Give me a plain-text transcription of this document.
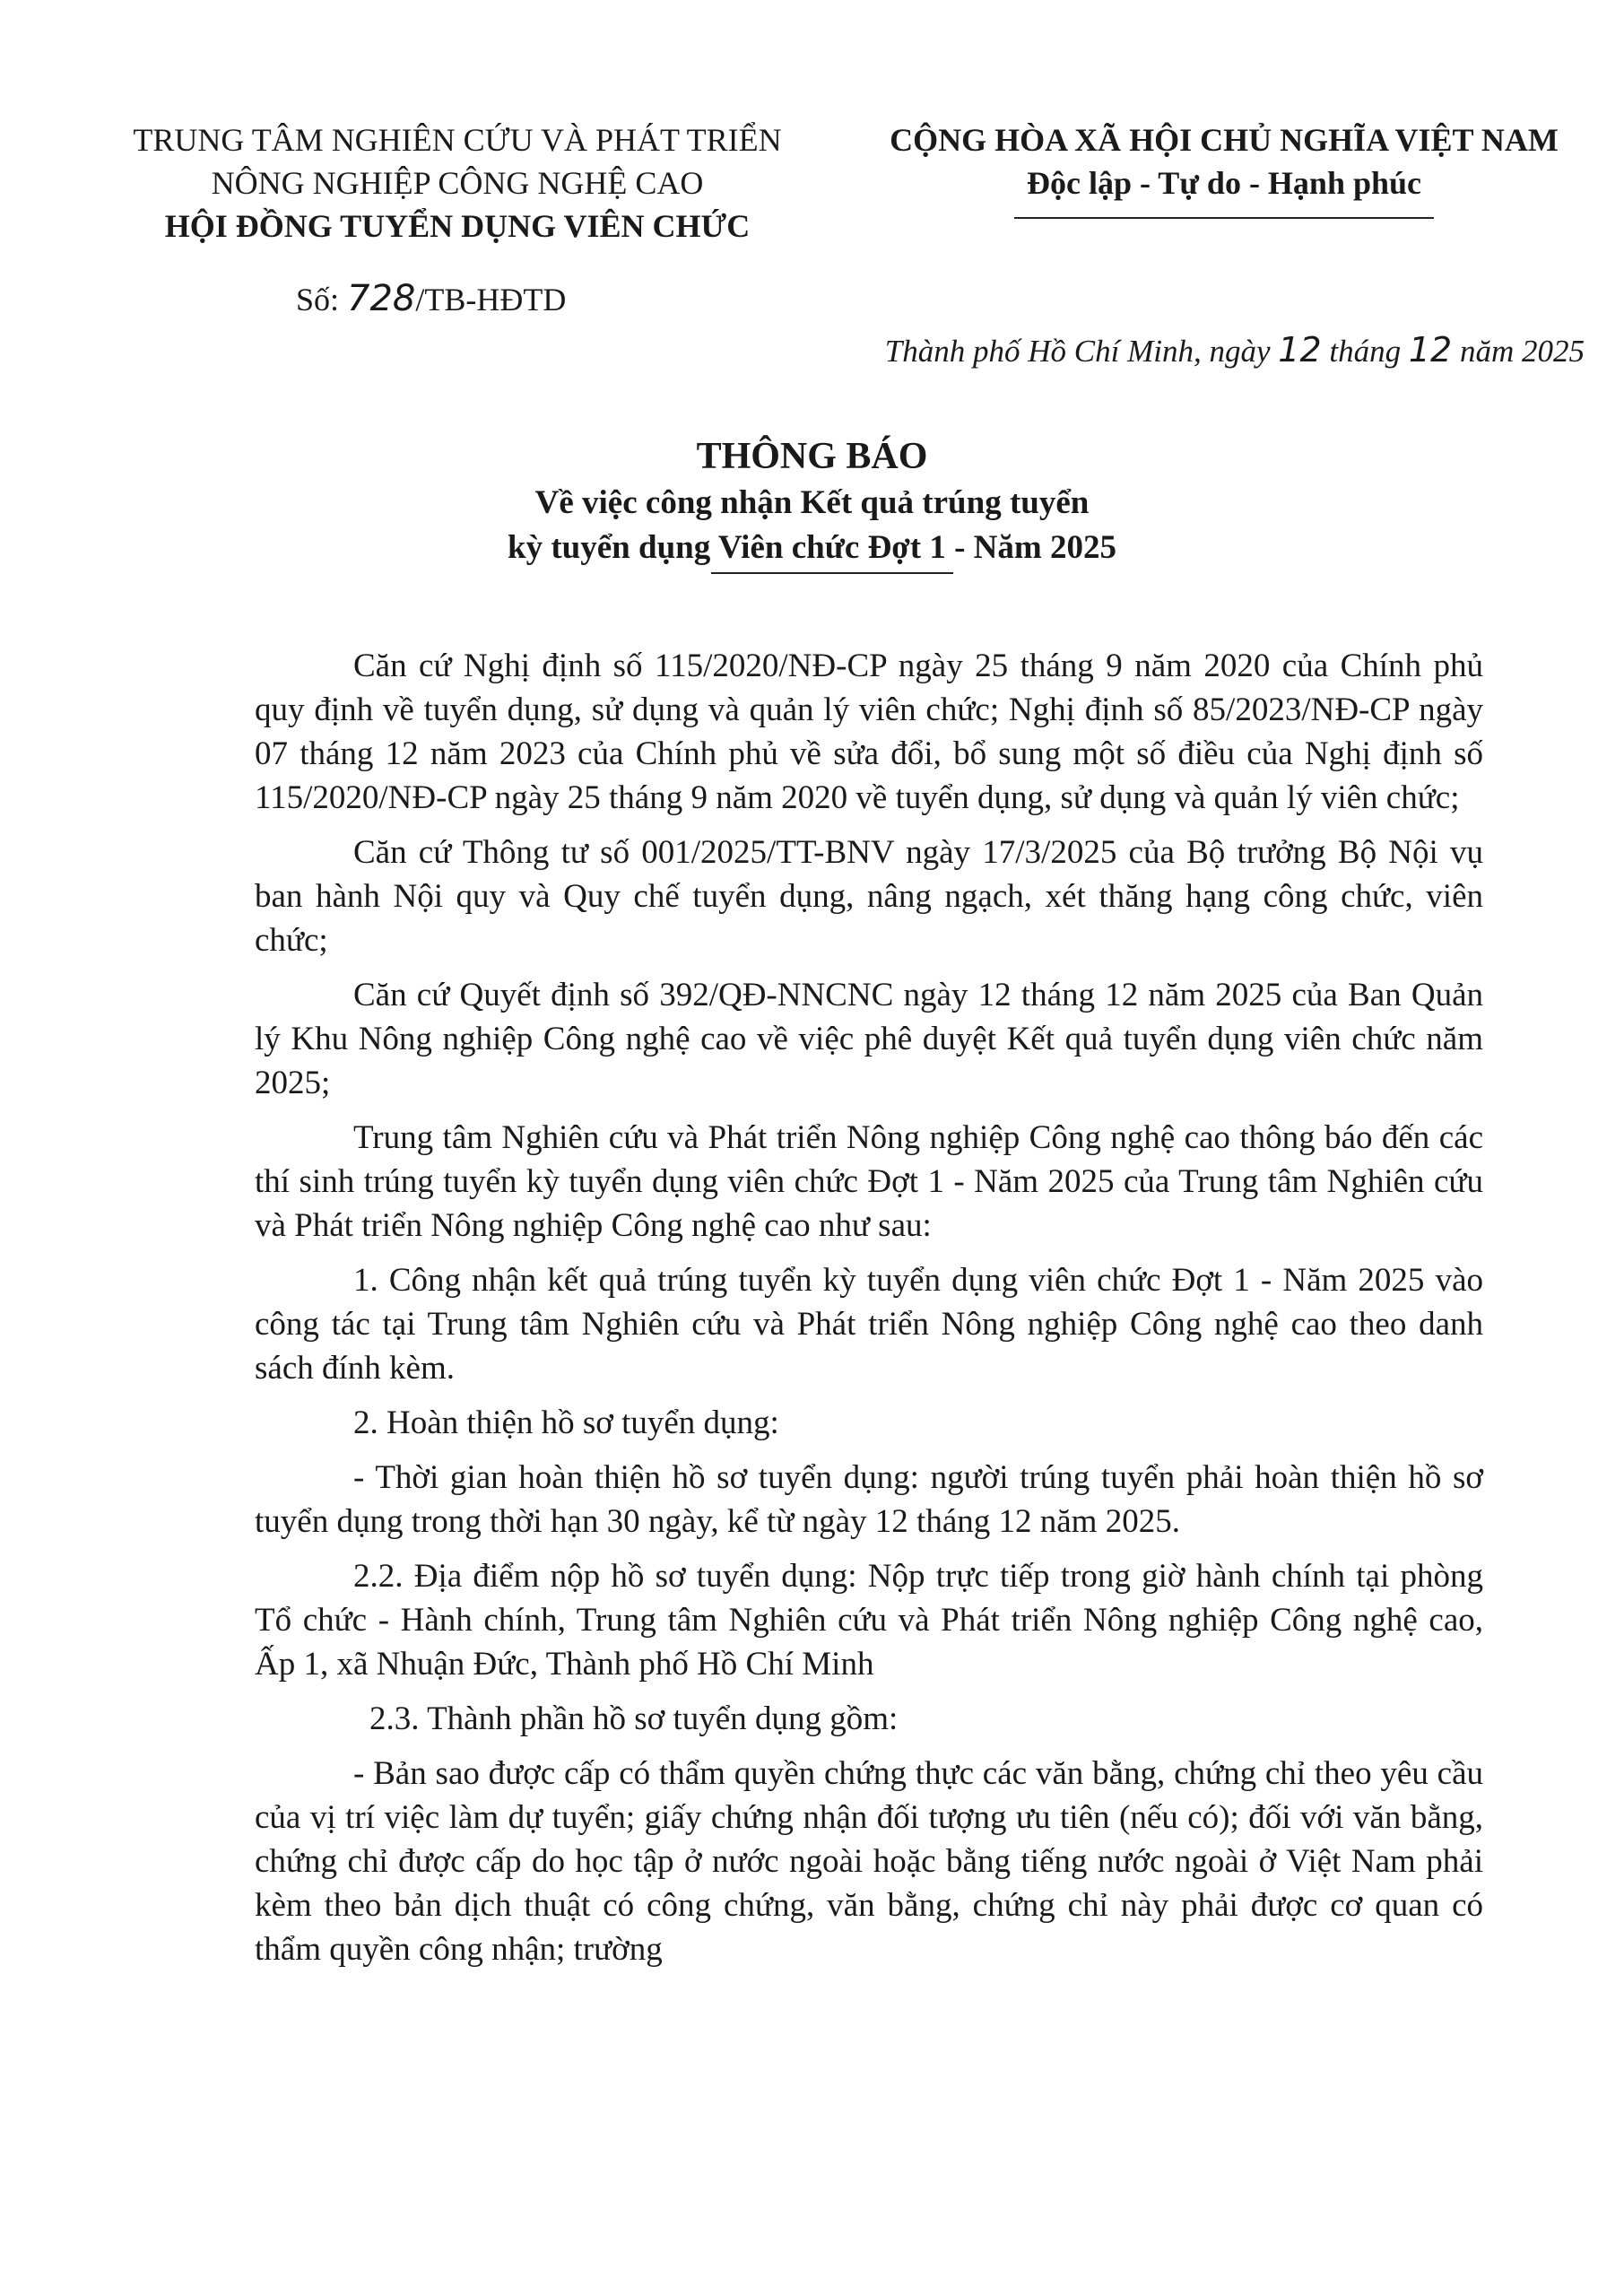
TRUNG TÂM NGHIÊN CỨU VÀ PHÁT TRIỂN
NÔNG NGHIỆP CÔNG NGHỆ CAO
HỘI ĐỒNG TUYỂN DỤNG VIÊN CHỨC
CỘNG HÒA XÃ HỘI CHỦ NGHĨA VIỆT NAM
Độc lập - Tự do - Hạnh phúc
Số: 728/TB-HĐTD
Thành phố Hồ Chí Minh, ngày 12 tháng 12 năm 2025
THÔNG BÁO
Về việc công nhận Kết quả trúng tuyển
kỳ tuyển dụng Viên chức Đợt 1 - Năm 2025

Căn cứ Nghị định số 115/2020/NĐ-CP ngày 25 tháng 9 năm 2020 của Chính phủ quy định về tuyển dụng, sử dụng và quản lý viên chức; Nghị định số 85/2023/NĐ-CP ngày 07 tháng 12 năm 2023 của Chính phủ về sửa đổi, bổ sung một số điều của Nghị định số 115/2020/NĐ-CP ngày 25 tháng 9 năm 2020 về tuyển dụng, sử dụng và quản lý viên chức;

Căn cứ Thông tư số 001/2025/TT-BNV ngày 17/3/2025 của Bộ trưởng Bộ Nội vụ ban hành Nội quy và Quy chế tuyển dụng, nâng ngạch, xét thăng hạng công chức, viên chức;

Căn cứ Quyết định số 392/QĐ-NNCNC ngày 12 tháng 12 năm 2025 của Ban Quản lý Khu Nông nghiệp Công nghệ cao về việc phê duyệt Kết quả tuyển dụng viên chức năm 2025;

Trung tâm Nghiên cứu và Phát triển Nông nghiệp Công nghệ cao thông báo đến các thí sinh trúng tuyển kỳ tuyển dụng viên chức Đợt 1 - Năm 2025 của Trung tâm Nghiên cứu và Phát triển Nông nghiệp Công nghệ cao như sau:

1. Công nhận kết quả trúng tuyển kỳ tuyển dụng viên chức Đợt 1 - Năm 2025 vào công tác tại Trung tâm Nghiên cứu và Phát triển Nông nghiệp Công nghệ cao theo danh sách đính kèm.

2. Hoàn thiện hồ sơ tuyển dụng:

- Thời gian hoàn thiện hồ sơ tuyển dụng: người trúng tuyển phải hoàn thiện hồ sơ tuyển dụng trong thời hạn 30 ngày, kể từ ngày 12 tháng 12 năm 2025.

2.2. Địa điểm nộp hồ sơ tuyển dụng: Nộp trực tiếp trong giờ hành chính tại phòng Tổ chức - Hành chính, Trung tâm Nghiên cứu và Phát triển Nông nghiệp Công nghệ cao, Ấp 1, xã Nhuận Đức, Thành phố Hồ Chí Minh

2.3. Thành phần hồ sơ tuyển dụng gồm:

- Bản sao được cấp có thẩm quyền chứng thực các văn bằng, chứng chỉ theo yêu cầu của vị trí việc làm dự tuyển; giấy chứng nhận đối tượng ưu tiên (nếu có); đối với văn bằng, chứng chỉ được cấp do học tập ở nước ngoài hoặc bằng tiếng nước ngoài ở Việt Nam phải kèm theo bản dịch thuật có công chứng, văn bằng, chứng chỉ này phải được cơ quan có thẩm quyền công nhận; trường
